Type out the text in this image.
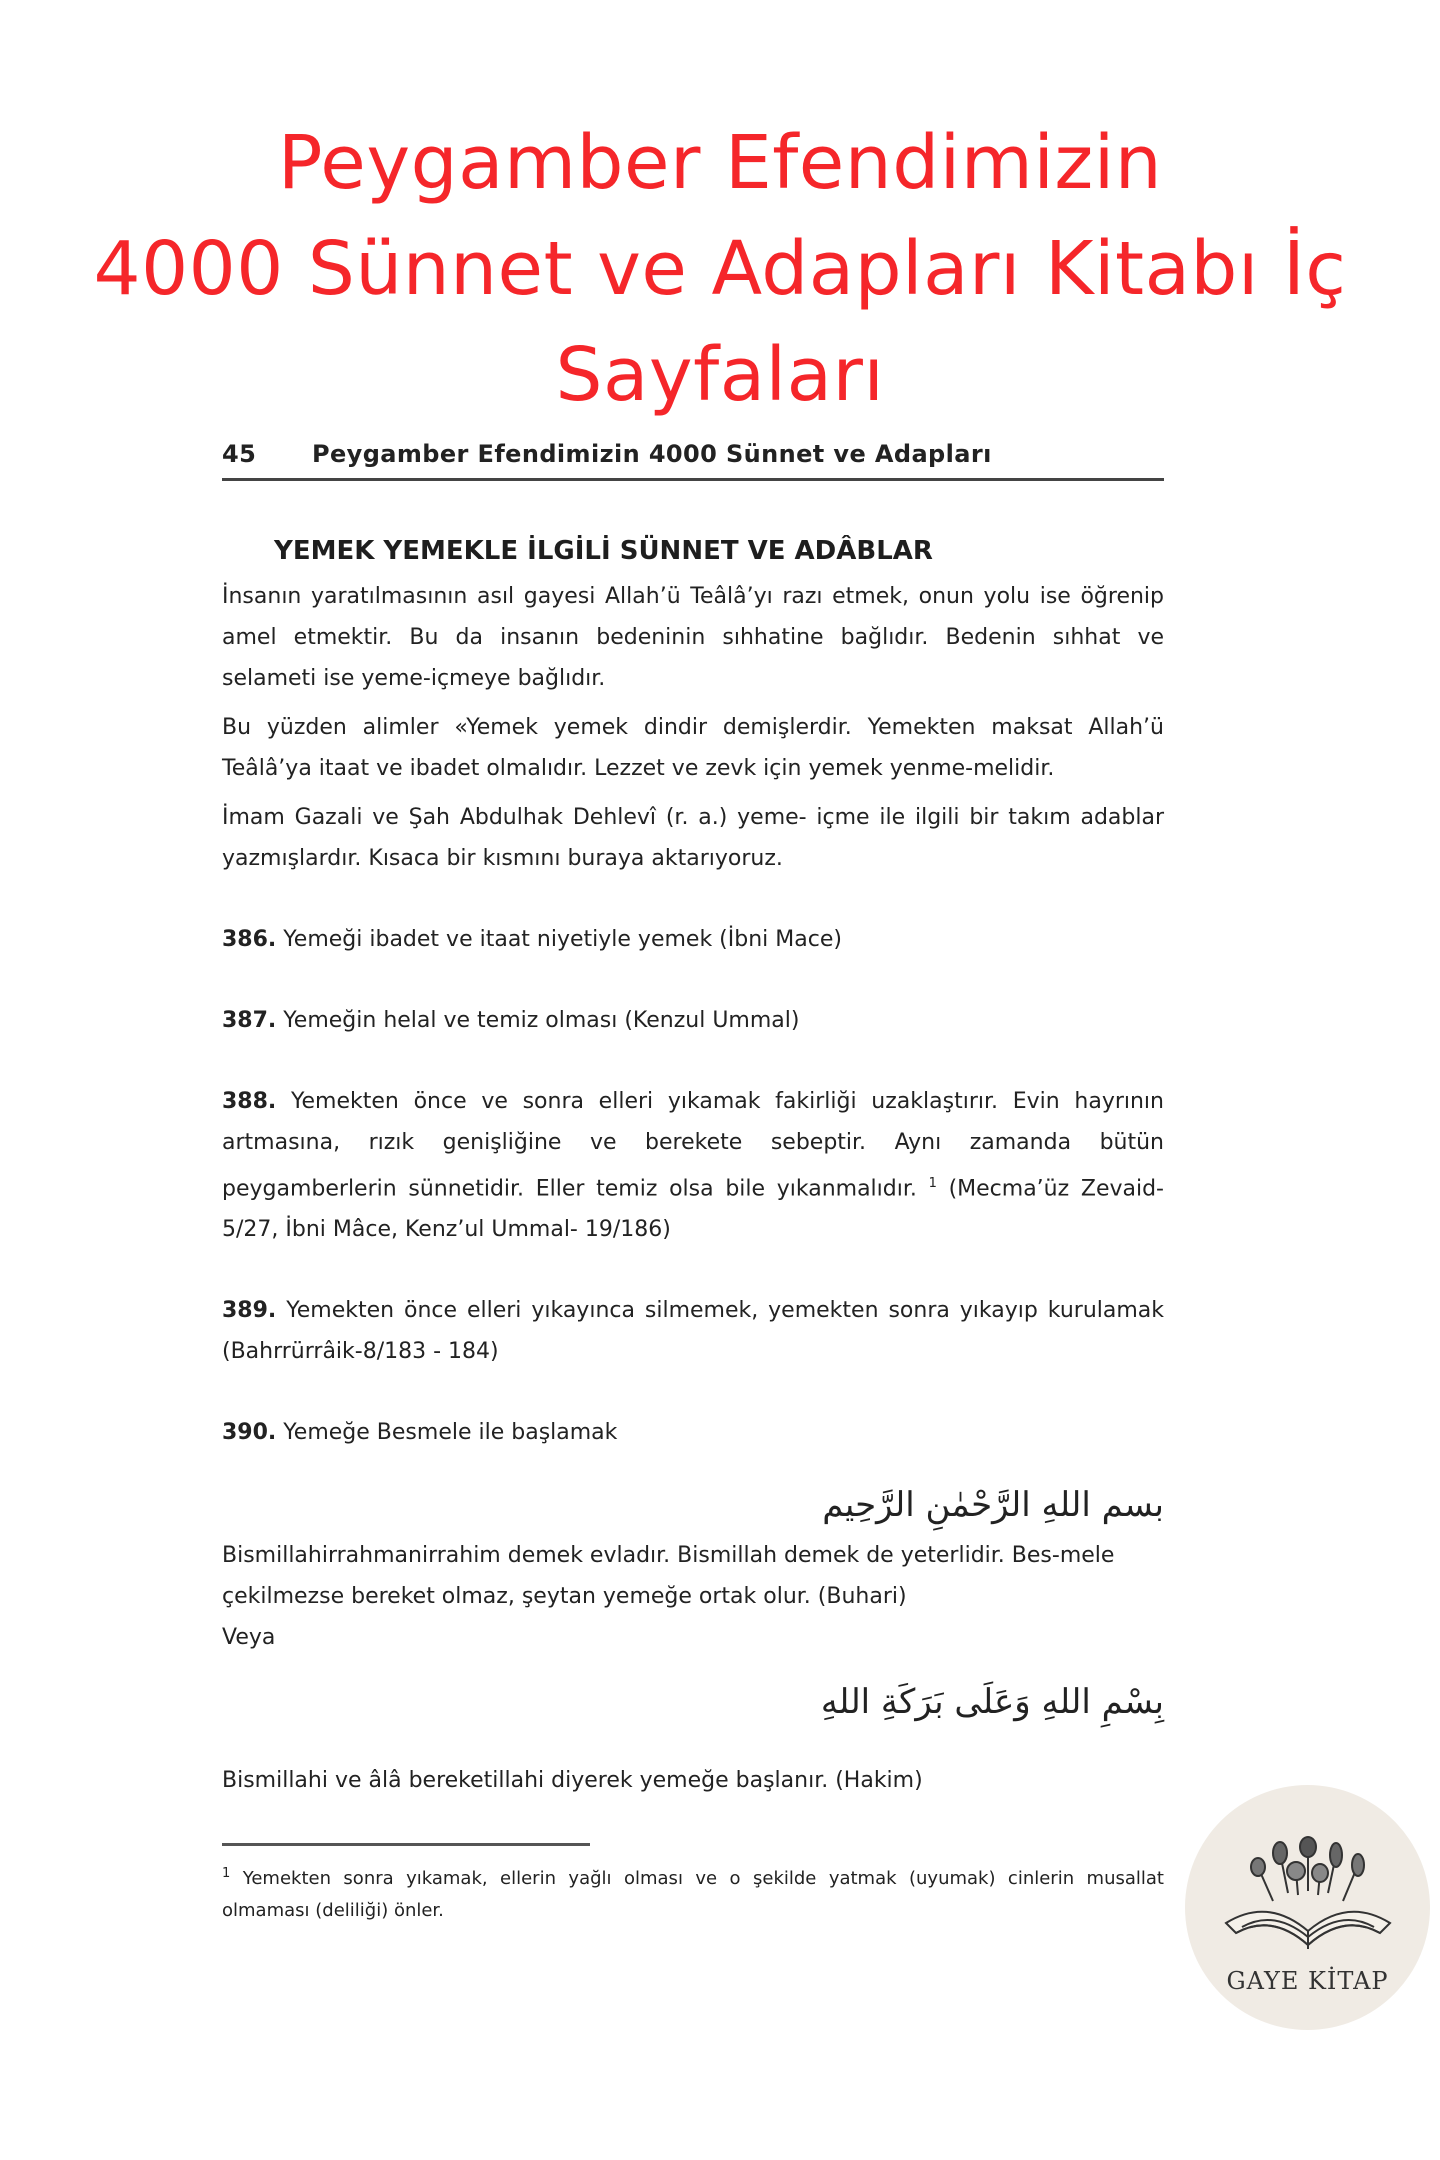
Peygamber Efendimizin
4000 Sünnet ve Adapları Kitabı İç
Sayfaları
45	Peygamber Efendimizin 4000 Sünnet ve Adapları
YEMEK YEMEKLE İLGİLİ SÜNNET VE ADÂBLAR

İnsanın yaratılmasının asıl gayesi Allah’ü Teâlâ’yı razı etmek, onun yolu ise öğrenip amel etmektir. Bu da insanın bedeninin sıhhatine bağlıdır. Bedenin sıhhat ve selameti ise yeme-içmeye bağlıdır.

Bu yüzden alimler «Yemek yemek dindir demişlerdir. Yemekten maksat Allah’ü Teâlâ’ya itaat ve ibadet olmalıdır. Lezzet ve zevk için yemek yenme-melidir.

İmam Gazali ve Şah Abdulhak Dehlevî (r. a.) yeme- içme ile ilgili bir takım adablar yazmışlardır. Kısaca bir kısmını buraya aktarıyoruz.

386. Yemeği ibadet ve itaat niyetiyle yemek (İbni Mace)
387. Yemeğin helal ve temiz olması (Kenzul Ummal)
388. Yemekten önce ve sonra elleri yıkamak fakirliği uzaklaştırır. Evin hayrının artmasına, rızık genişliğine ve berekete sebeptir. Aynı zamanda bütün peygamberlerin sünnetidir. Eller temiz olsa bile yıkanmalıdır. $^1$ (Mecma’üz Zevaid- 5/27, İbni Mâce, Kenz’ul Ummal- 19/186)
389. Yemekten önce elleri yıkayınca silmemek, yemekten sonra yıkayıp kurulamak (Bahrrürrâik-8/183 - 184)
390. Yemeğe Besmele ile başlamak
بسم اللهِ الرَّحْمٰنِ الرَّحِيم
Bismillahirrahmanirrahim demek evladır. Bismillah demek de yeterlidir. Bes-mele çekilmezse bereket olmaz, şeytan yemeğe ortak olur. (Buhari)
Veya
بِسْمِ اللهِ وَعَلَى بَرَكَةِ اللهِ
Bismillahi ve âlâ bereketillahi diyerek yemeğe başlanır. (Hakim)
$^1$ Yemekten sonra yıkamak, ellerin yağlı olması ve o şekilde yatmak (uyumak) cinlerin musallat olmaması (deliliği) önler.
GAYE KİTAP
